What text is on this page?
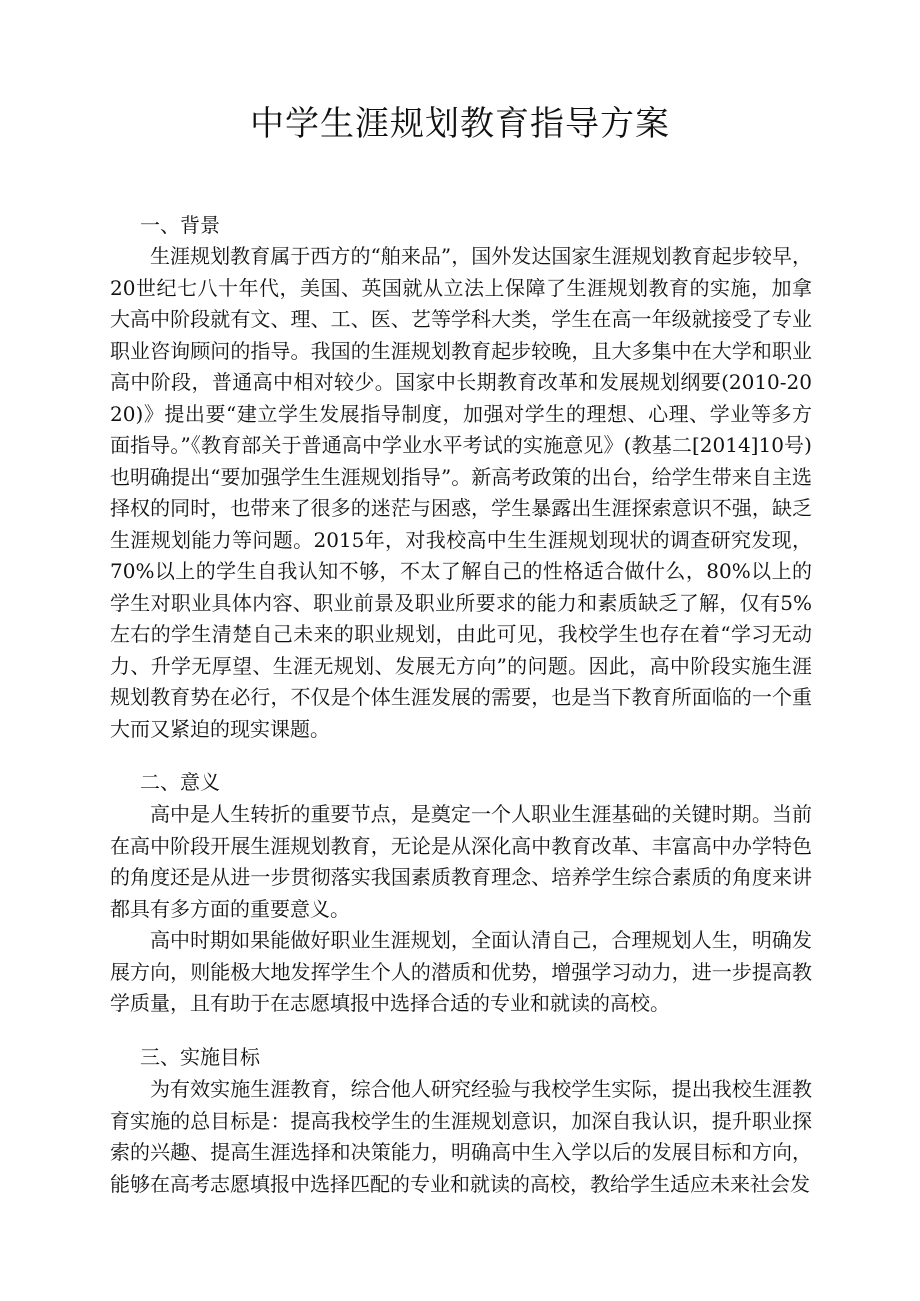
中学生涯规划教育指导方案
一、背景

生涯规划教育属于西方的“舶来品”，国外发达国家生涯规划教育起步较早，20世纪七八十年代，美国、英国就从立法上保障了生涯规划教育的实施，加拿大高中阶段就有文、理、工、医、艺等学科大类，学生在高一年级就接受了专业职业咨询顾问的指导。我国的生涯规划教育起步较晚，且大多集中在大学和职业高中阶段，普通高中相对较少。国家中长期教育改革和发展规划纲要(2010-2020)》提出要“建立学生发展指导制度，加强对学生的理想、心理、学业等多方面指导。”《教育部关于普通高中学业水平考试的实施意见》(教基二[2014]10号)也明确提出“要加强学生生涯规划指导”。新高考政策的出台，给学生带来自主选择权的同时，也带来了很多的迷茫与困惑，学生暴露出生涯探索意识不强，缺乏生涯规划能力等问题。2015年，对我校高中生生涯规划现状的调查研究发现，70%以上的学生自我认知不够，不太了解自己的性格适合做什么，80%以上的学生对职业具体内容、职业前景及职业所要求的能力和素质缺乏了解，仅有5%左右的学生清楚自己未来的职业规划，由此可见，我校学生也存在着“学习无动力、升学无厚望、生涯无规划、发展无方向”的问题。因此，高中阶段实施生涯规划教育势在必行，不仅是个体生涯发展的需要，也是当下教育所面临的一个重大而又紧迫的现实课题。

二、意义

高中是人生转折的重要节点，是奠定一个人职业生涯基础的关键时期。当前在高中阶段开展生涯规划教育，无论是从深化高中教育改革、丰富高中办学特色的角度还是从进一步贯彻落实我国素质教育理念、培养学生综合素质的角度来讲都具有多方面的重要意义。

高中时期如果能做好职业生涯规划，全面认清自己，合理规划人生，明确发展方向，则能极大地发挥学生个人的潜质和优势，增强学习动力，进一步提高教学质量，且有助于在志愿填报中选择合适的专业和就读的高校。

三、实施目标

为有效实施生涯教育，综合他人研究经验与我校学生实际，提出我校生涯教育实施的总目标是：提高我校学生的生涯规划意识，加深自我认识，提升职业探索的兴趣、提高生涯选择和决策能力，明确高中生入学以后的发展目标和方向，能够在高考志愿填报中选择匹配的专业和就读的高校，教给学生适应未来社会发
